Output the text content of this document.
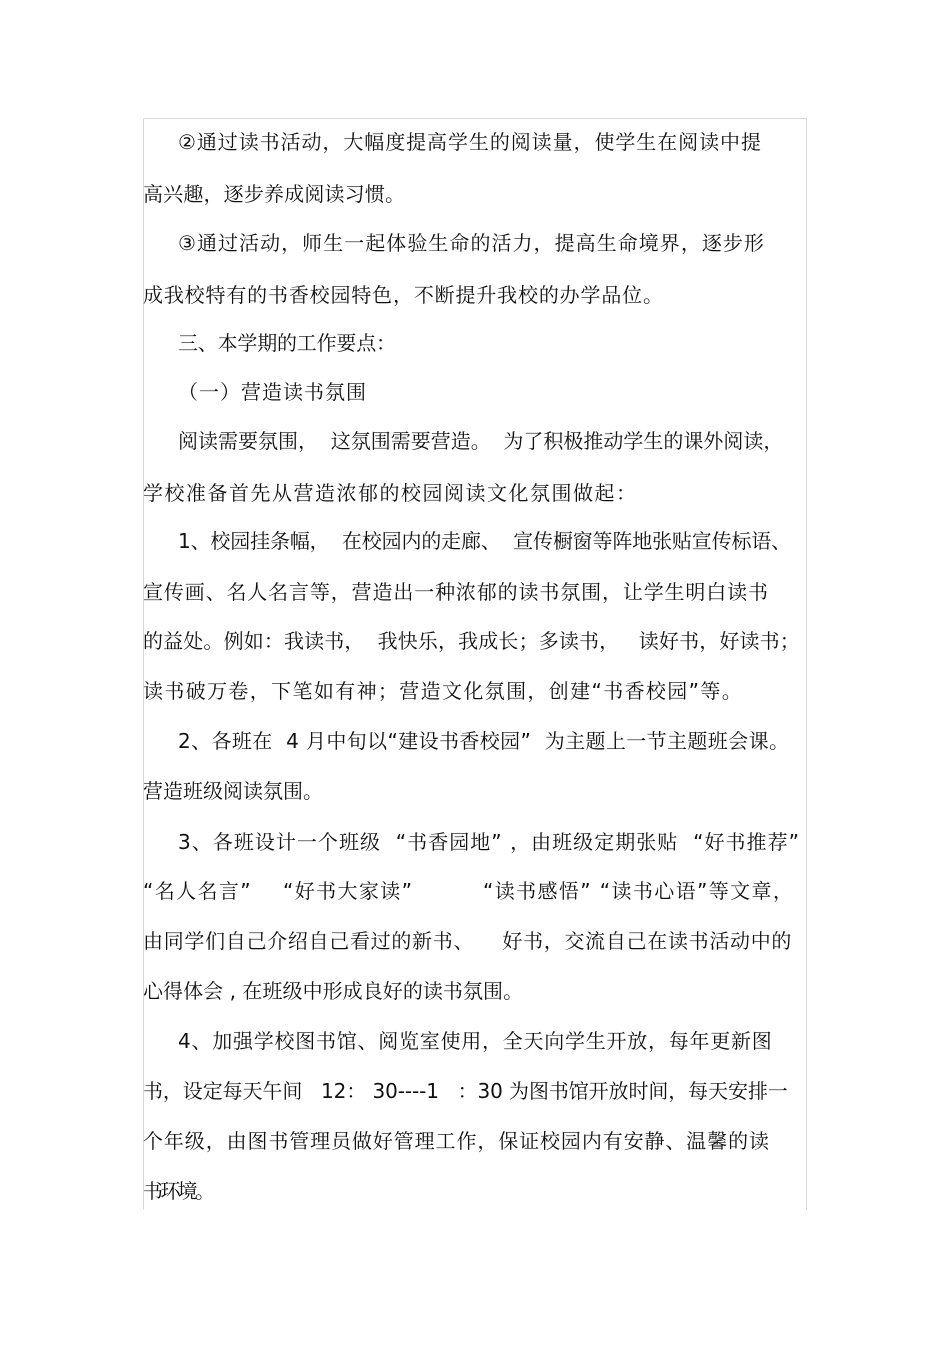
②通过读书活动，大幅度提高学生的阅读量，使学生在阅读中提
高兴趣，逐步养成阅读习惯。
③通过活动，师生一起体验生命的活力，提高生命境界，逐步形
成我校特有的书香校园特色，不断提升我校的办学品位。
三、本学期的工作要点：
（一）营造读书氛围
阅读需要氛围，  这氛围需要营造。  为了积极推动学生的课外阅读，
学校准备首先从营造浓郁的校园阅读文化氛围做起：
1、校园挂条幅，  在校园内的走廊、  宣传橱窗等阵地张贴宣传标语、
宣传画、名人名言等，营造出一种浓郁的读书氛围，让学生明白读书
的益处。例如：我读书，  我快乐，我成长；多读书，   读好书，好读书；
读书破万卷，下笔如有神；营造文化氛围，创建“书香校园”等。
2、各班在  4 月中旬以“建设书香校园”  为主题上一节主题班会课。
营造班级阅读氛围。
3、各班设计一个班级  “书香园地” ，由班级定期张贴  “好书推荐”
“名人名言”    “好书大家读”         “读书感悟” “读书心语”等文章，
由同学们自己介绍自己看过的新书、    好书，交流自己在读书活动中的
心得体会 , 在班级中形成良好的读书氛围。
4、加强学校图书馆、阅览室使用，全天向学生开放，每年更新图
书，设定每天午间   12： 30----1   ：30 为图书馆开放时间，每天安排一
个年级，由图书管理员做好管理工作，保证校园内有安静、温馨的读
书环境。
